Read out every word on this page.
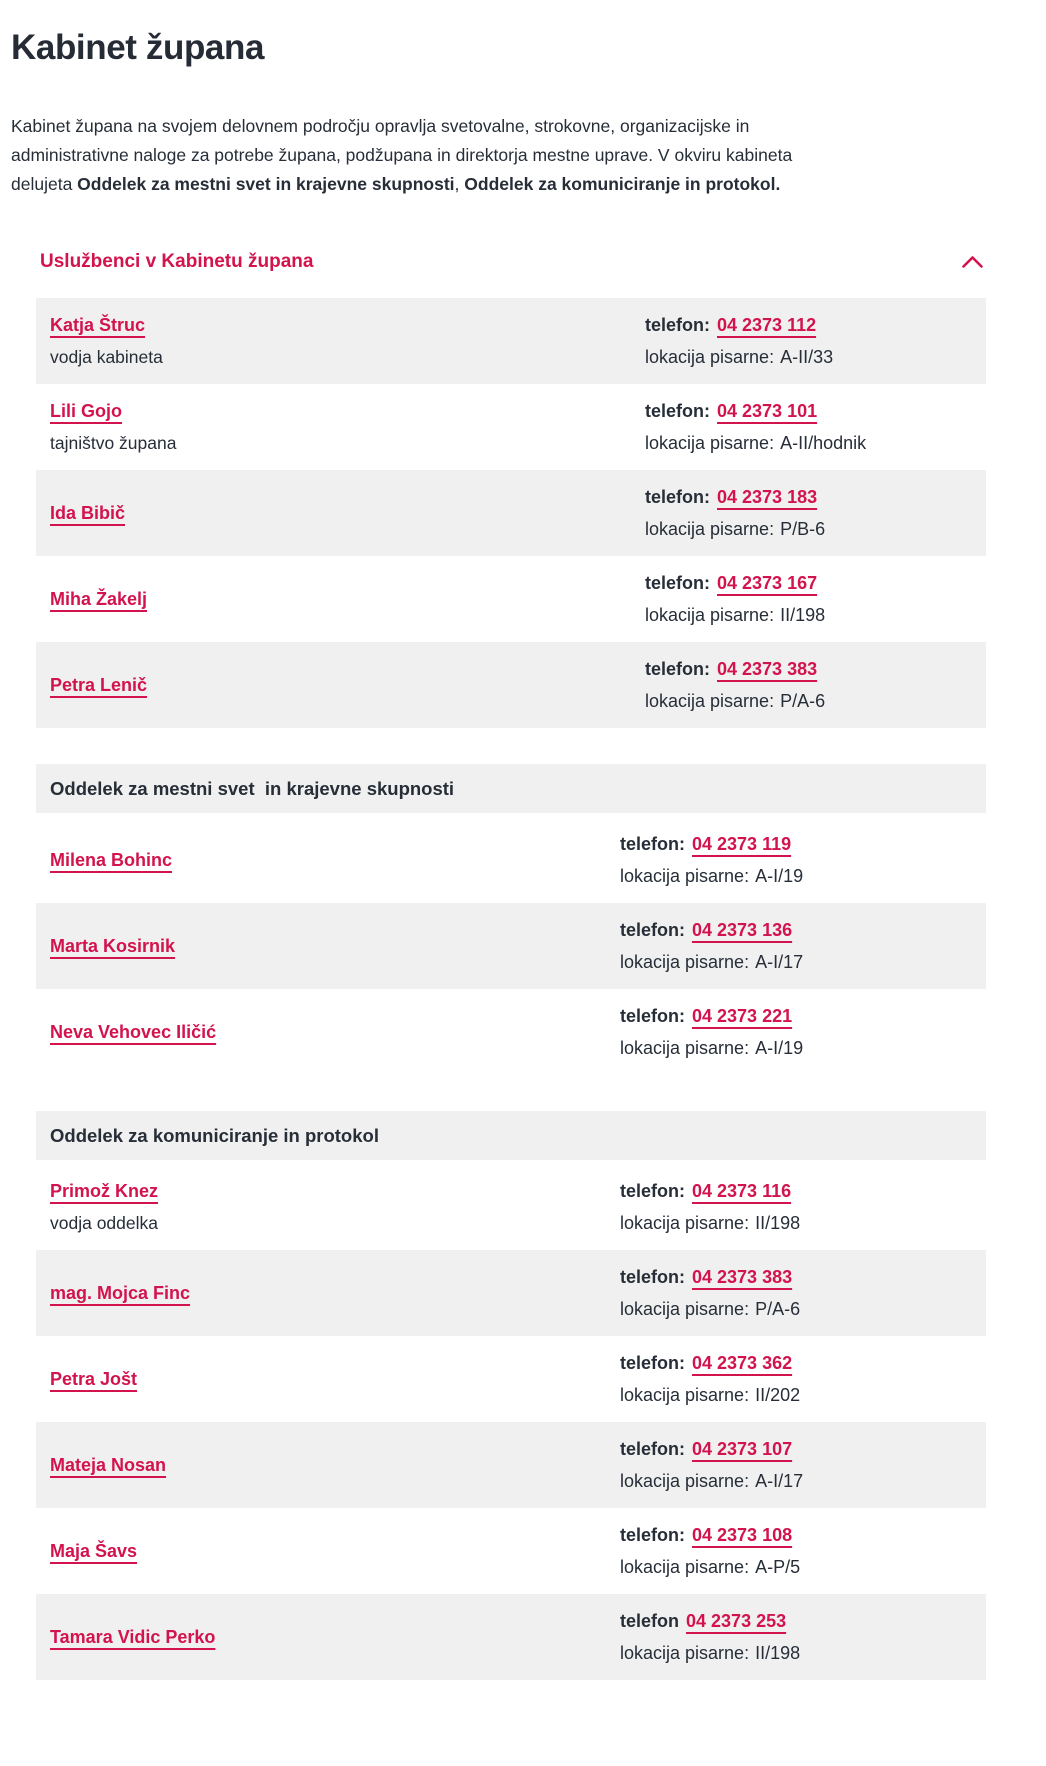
Kabinet župana

Kabinet župana na svojem delovnem področju opravlja svetovalne, strokovne, organizacijske in
administrativne naloge za potrebe župana, podžupana in direktorja mestne uprave. V okviru kabineta
delujeta Oddelek za mestni svet in krajevne skupnosti, Oddelek za komuniciranje in protokol.

Uslužbenci v Kabinetu župana
Katja Štruc
vodja kabineta
telefon: 04 2373 112
lokacija pisarne: A-II/33
Lili Gojo
tajništvo župana
telefon: 04 2373 101
lokacija pisarne: A-II/hodnik
Ida Bibič
telefon: 04 2373 183
lokacija pisarne: P/B-6
Miha Žakelj
telefon: 04 2373 167
lokacija pisarne: II/198
Petra Lenič
telefon: 04 2373 383
lokacija pisarne: P/A-6
Oddelek za mestni svet  in krajevne skupnosti
Milena Bohinc
telefon: 04 2373 119
lokacija pisarne: A-I/19
Marta Kosirnik
telefon: 04 2373 136
lokacija pisarne: A-I/17
Neva Vehovec Iličić
telefon: 04 2373 221
lokacija pisarne: A-I/19
Oddelek za komuniciranje in protokol
Primož Knez
vodja oddelka
telefon: 04 2373 116
lokacija pisarne: II/198
mag. Mojca Finc
telefon: 04 2373 383
lokacija pisarne: P/A-6
Petra Jošt
telefon: 04 2373 362
lokacija pisarne: II/202
Mateja Nosan
telefon: 04 2373 107
lokacija pisarne: A-I/17
Maja Šavs
telefon: 04 2373 108
lokacija pisarne: A-P/5
Tamara Vidic Perko
telefon 04 2373 253
lokacija pisarne: II/198
